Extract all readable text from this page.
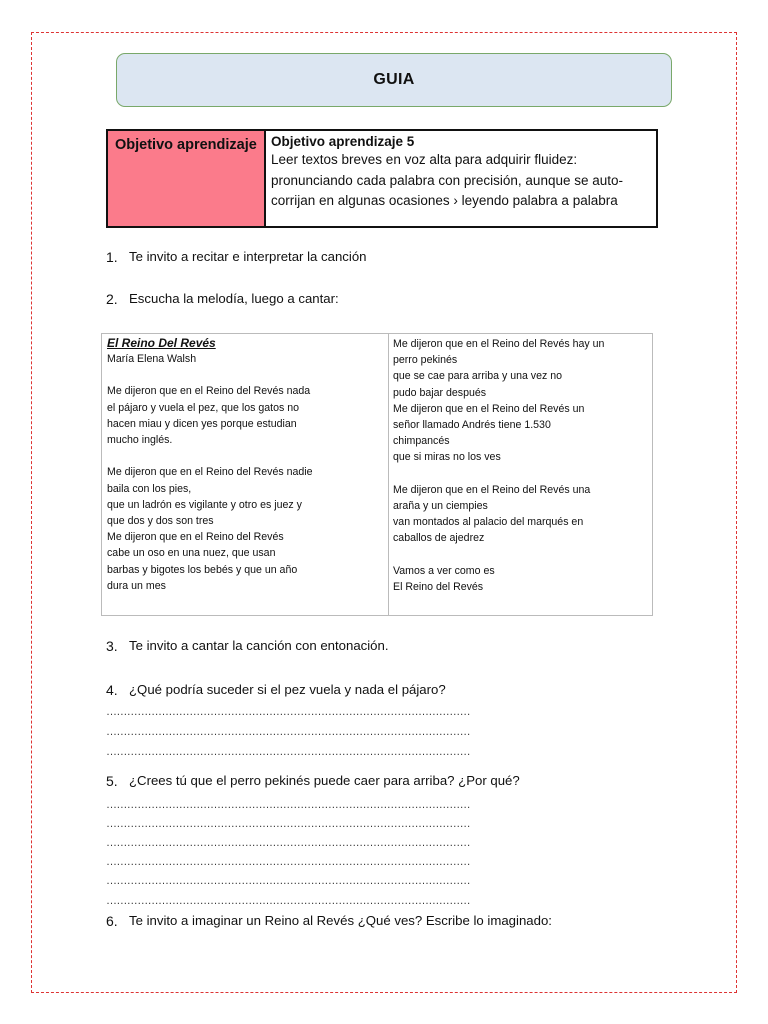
GUIA
Objetivo aprendizaje	Objetivo aprendizaje 5
Leer textos breves en voz alta para adquirir fluidez:
pronunciando cada palabra con precisión, aunque se auto-
corrijan en algunas ocasiones › leyendo palabra a palabra
1. Te invito a recitar e interpretar la canción
2. Escucha la melodía, luego a cantar:
El Reino Del Revés
María Elena Walsh
Me dijeron que en el Reino del Revés nada
el pájaro y vuela el pez, que los gatos no
hacen miau y dicen yes porque estudian
mucho inglés.
Me dijeron que en el Reino del Revés nadie
baila con los pies,
que un ladrón es vigilante y otro es juez y
que dos y dos son tres
Me dijeron que en el Reino del Revés
cabe un oso en una nuez, que usan
barbas y bigotes los bebés y que un año
dura un mes
Me dijeron que en el Reino del Revés hay un
perro pekinés
que se cae para arriba y una vez no
pudo bajar después
Me dijeron que en el Reino del Revés un
señor llamado Andrés tiene 1.530
chimpancés
que si miras no los ves
Me dijeron que en el Reino del Revés una
araña y un ciempies
van montados al palacio del marqués en
caballos de ajedrez
Vamos a ver como es
El Reino del Revés
3. Te invito a cantar la canción con entonación.
4. ¿Qué podría suceder si el pez vuela y nada el pájaro?
……………………………………………………………………………………………
……………………………………………………………………………………………
……………………………………………………………………………………………
5. ¿Crees tú que el perro pekinés puede caer para arriba? ¿Por qué?
……………………………………………………………………………………………
……………………………………………………………………………………………
……………………………………………………………………………………………
……………………………………………………………………………………………
……………………………………………………………………………………………
……………………………………………………………………………………………
6. Te invito a imaginar un Reino al Revés ¿Qué ves? Escribe lo imaginado:
